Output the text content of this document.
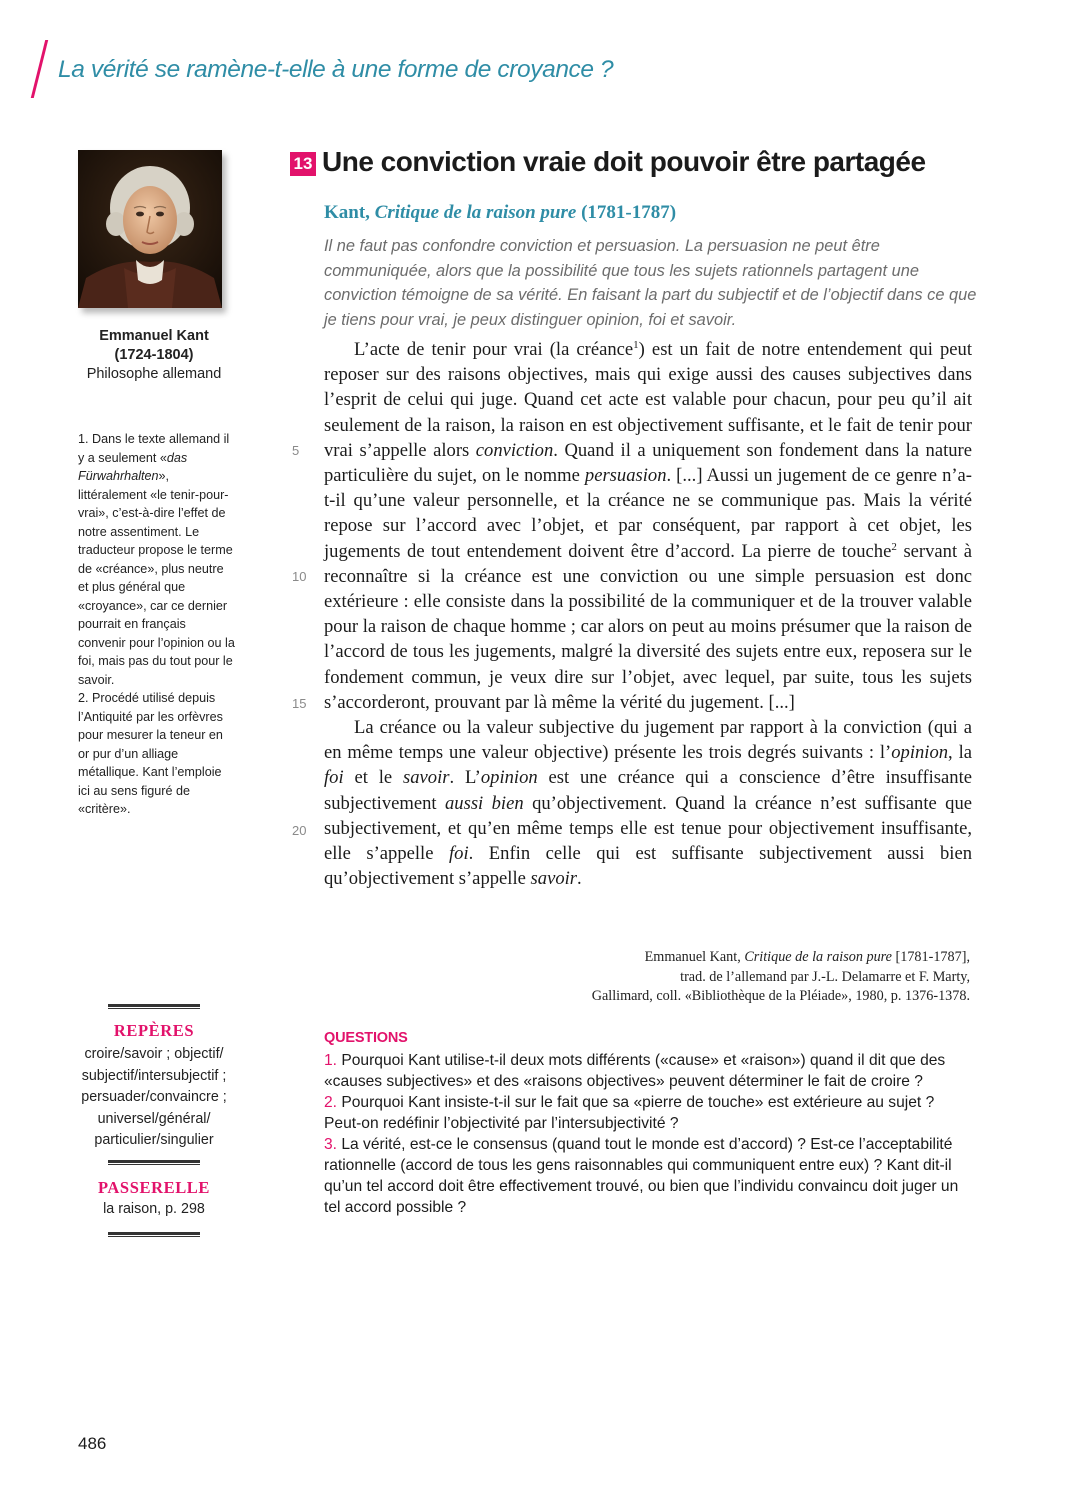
La vérité se ramène-t-elle à une forme de croyance ?
Emmanuel Kant
(1724-1804)
Philosophe allemand

1. Dans le texte allemand il y a seulement «das Fürwahrhalten», littéralement «le tenir-pour-vrai», c’est-à-dire l’effet de notre assentiment. Le traducteur propose le terme de «créance», plus neutre et plus général que «croyance», car ce dernier pourrait en français convenir pour l’opinion ou la foi, mais pas du tout pour le savoir.

2. Procédé utilisé depuis l’Antiquité par les orfèvres pour mesurer la teneur en or pur d’un alliage métallique. Kant l’emploie ici au sens figuré de «critère».

REPÈRES
croire/savoir ; objectif/ subjectif/intersubjectif ; persuader/convaincre ; universel/général/ particulier/singulier
PASSERELLE
la raison, p. 298
13 Une conviction vraie doit pouvoir être partagée
Kant, Critique de la raison pure (1781-1787)

Il ne faut pas confondre conviction et persuasion. La persuasion ne peut être communiquée, alors que la possibilité que tous les sujets rationnels partagent une conviction témoigne de sa vérité. En faisant la part du subjectif et de l’objectif dans ce que je tiens pour vrai, je peux distinguer opinion, foi et savoir.

L’acte de tenir pour vrai (la créance$^1$) est un fait de notre entendement qui peut reposer sur des raisons objectives, mais qui exige aussi des causes subjectives dans l’esprit de celui qui juge. Quand cet acte est valable pour chacun, pour peu qu’il ait seulement de la raison, la raison en est objectivement suffisante, et le fait de tenir pour vrai s’appelle alors conviction. Quand il a uniquement son fondement dans la nature particulière du sujet, on le nomme persuasion. [...] Aussi un jugement de ce genre n’a-t-il qu’une valeur personnelle, et la créance ne se communique pas. Mais la vérité repose sur l’accord avec l’objet, et par conséquent, par rapport à cet objet, les jugements de tout entendement doivent être d’accord. La pierre de touche$^2$ servant à reconnaître si la créance est une conviction ou une simple persuasion est donc extérieure : elle consiste dans la possibilité de la communiquer et de la trouver valable pour la raison de chaque homme ; car alors on peut au moins présumer que la raison de l’accord de tous les jugements, malgré la diversité des sujets entre eux, reposera sur le fondement commun, je veux dire sur l’objet, avec lequel, par suite, tous les sujets s’accorderont, prouvant par là même la vérité du jugement. [...]

La créance ou la valeur subjective du jugement par rapport à la conviction (qui a en même temps une valeur objective) présente les trois degrés suivants : l’opinion, la foi et le savoir. L’opinion est une créance qui a conscience d’être insuffisante subjectivement aussi bien qu’objectivement. Quand la créance n’est suffisante que subjectivement, et qu’en même temps elle est tenue pour objectivement insuffisante, elle s’appelle foi. Enfin celle qui est suffisante subjectivement aussi bien qu’objectivement s’appelle savoir.

5
10
15
20

Emmanuel Kant, Critique de la raison pure [1781-1787],

trad. de l’allemand par J.-L. Delamarre et F. Marty,

Gallimard, coll. «Bibliothèque de la Pléiade», 1980, p. 1376-1378.

QUESTIONS

1. Pourquoi Kant utilise-t-il deux mots différents («cause» et «raison») quand il dit que des «causes subjectives» et des «raisons objectives» peuvent déterminer le fait de croire ?

2. Pourquoi Kant insiste-t-il sur le fait que sa «pierre de touche» est extérieure au sujet ? Peut-on redéfinir l’objectivité par l’intersubjectivité ?

3. La vérité, est-ce le consensus (quand tout le monde est d’accord) ? Est-ce l’acceptabilité rationnelle (accord de tous les gens raisonnables qui communiquent entre eux) ? Kant dit-il qu’un tel accord doit être effectivement trouvé, ou bien que l’individu convaincu doit juger un tel accord possible ?

486
